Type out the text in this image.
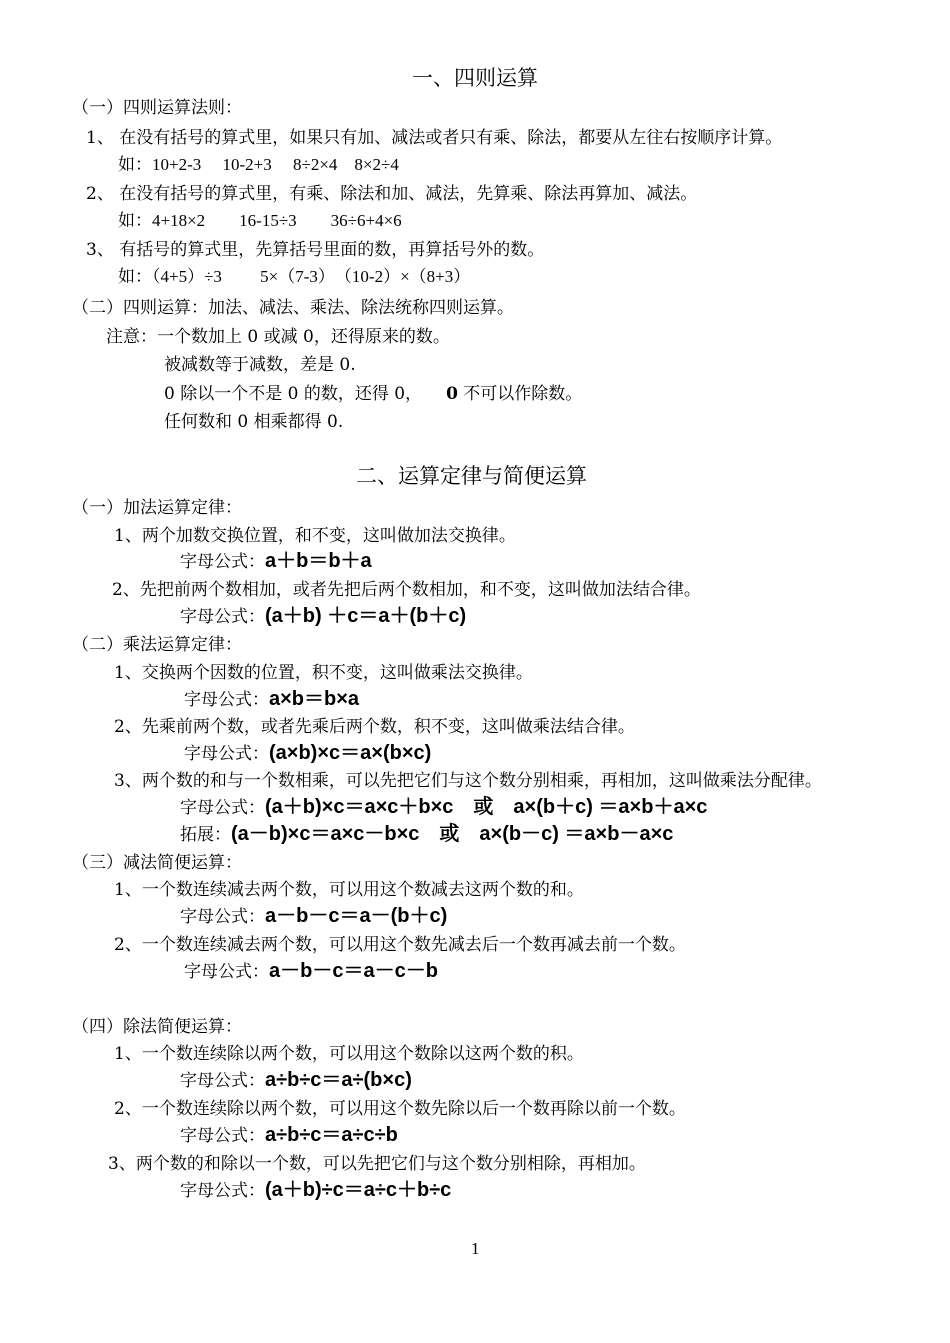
一、四则运算
（一）四则运算法则：
1、 在没有括号的算式里，如果只有加、减法或者只有乘、除法，都要从左往右按顺序计算。
如：10+2-3　 10-2+3　 8÷2×4　8×2÷4
2、 在没有括号的算式里，有乘、除法和加、减法，先算乘、除法再算加、减法。
如：4+18×2　　16-15÷3　　36÷6+4×6
3、 有括号的算式里，先算括号里面的数，再算括号外的数。
如：（4+5）÷3　　 5×（7-3）　（10-2）×（8+3）
（二）四则运算：加法、减法、乘法、除法统称四则运算。
注意：一个数加上 0 或减 0，还得原来的数。
被减数等于减数，差是 0.
0 除以一个不是 0 的数，还得 0， 0 不可以作除数。
任何数和 0 相乘都得 0.
二、运算定律与简便运算
（一）加法运算定律：
1、两个加数交换位置，和不变，这叫做加法交换律。
字母公式：a＋b＝b＋a
2、先把前两个数相加，或者先把后两个数相加，和不变，这叫做加法结合律。
字母公式：(a＋b) ＋c＝a＋(b＋c)
（二）乘法运算定律：
1、交换两个因数的位置，积不变，这叫做乘法交换律。
字母公式：a×b＝b×a
2、先乘前两个数，或者先乘后两个数，积不变，这叫做乘法结合律。
字母公式：(a×b)×c＝a×(b×c)
3、两个数的和与一个数相乘，可以先把它们与这个数分别相乘，再相加，这叫做乘法分配律。
字母公式：(a＋b)×c＝a×c＋b×c　或　a×(b＋c) ＝a×b＋a×c
拓展：(a－b)×c＝a×c－b×c　或　a×(b－c) ＝a×b－a×c
（三）减法简便运算：
1、一个数连续减去两个数，可以用这个数减去这两个数的和。
字母公式：a－b－c＝a－(b＋c)
2、一个数连续减去两个数，可以用这个数先减去后一个数再减去前一个数。
字母公式：a－b－c＝a－c－b
（四）除法简便运算：
1、一个数连续除以两个数，可以用这个数除以这两个数的积。
字母公式：a÷b÷c＝a÷(b×c)
2、一个数连续除以两个数，可以用这个数先除以后一个数再除以前一个数。
字母公式：a÷b÷c＝a÷c÷b
3、两个数的和除以一个数，可以先把它们与这个数分别相除，再相加。
字母公式：(a＋b)÷c＝a÷c＋b÷c
1
